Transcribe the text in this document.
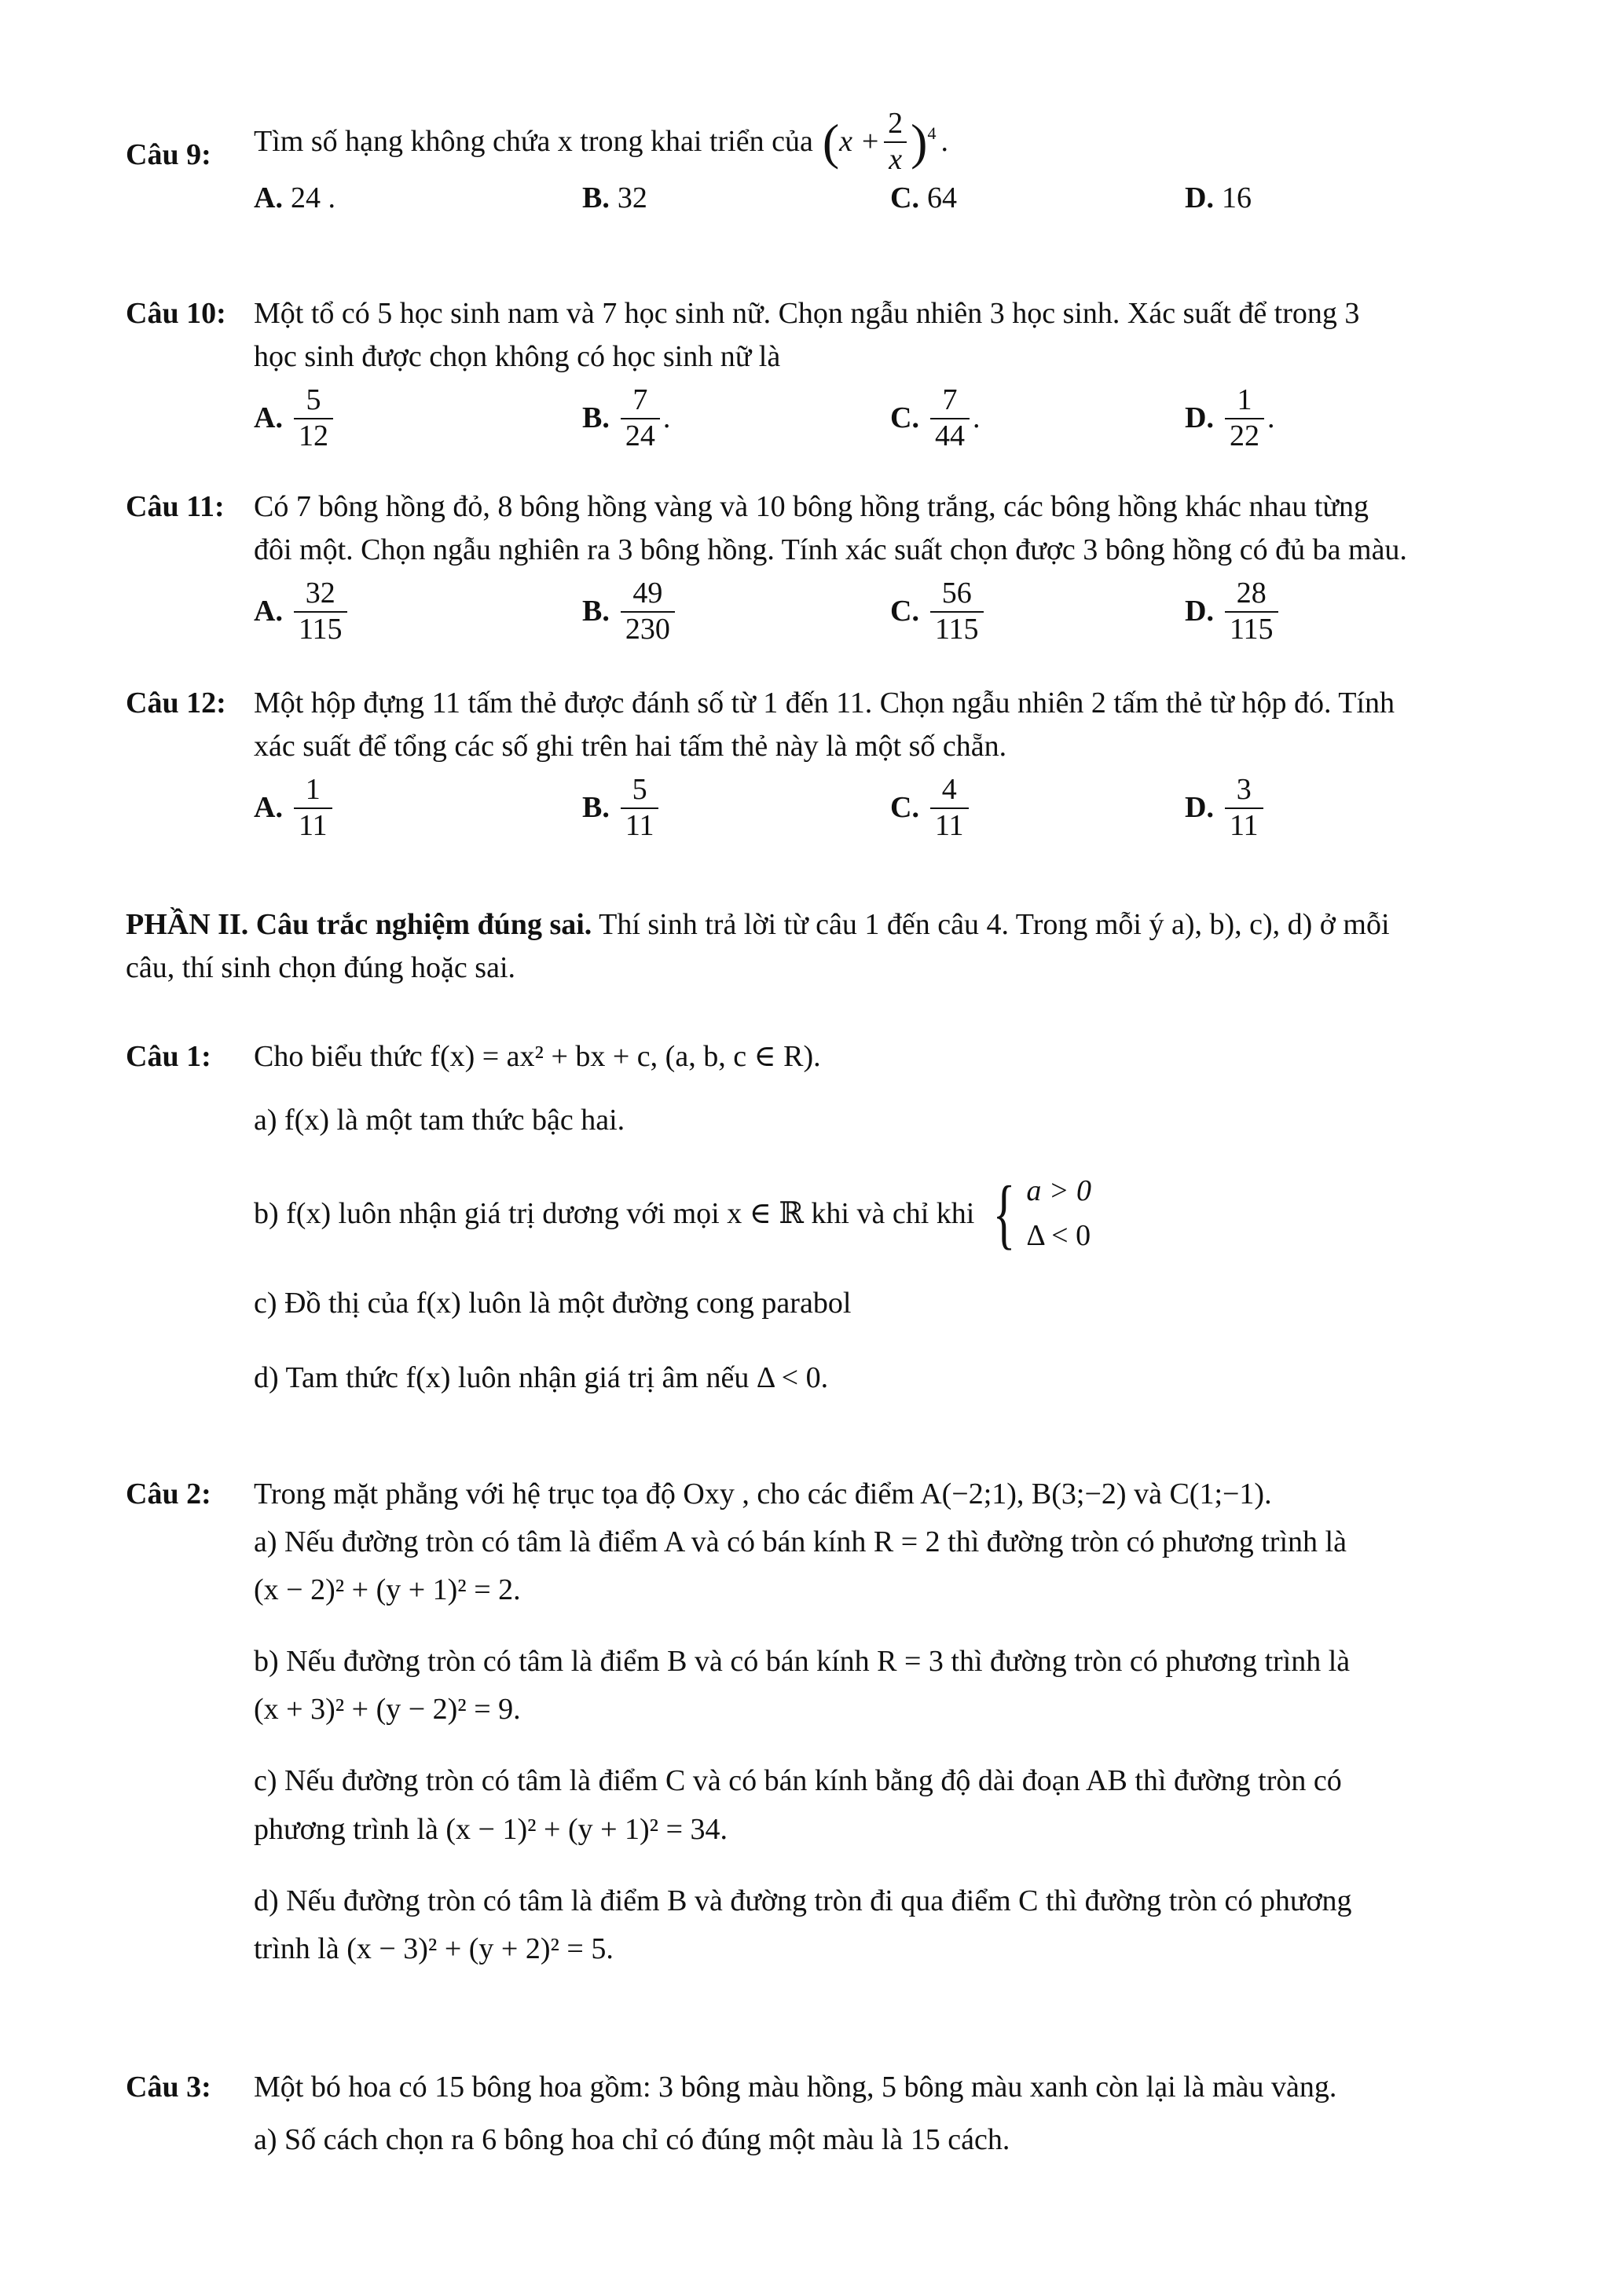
Câu 9: Tìm số hạng không chứa x trong khai triển của ( $x + \frac{2}{x}$ ) 4 .
A. 24 .	B. 32	C. 64	D. 16
Câu 10: Một tổ có 5 học sinh nam và 7 học sinh nữ. Chọn ngẫu nhiên 3 học sinh. Xác suất để trong 3
học sinh được chọn không có học sinh nữ là
A. $\frac{5}{12}$	B. $\frac{7}{24}$ .	C. $\frac{7}{44}$ .	D. $\frac{1}{22}$ .
Câu 11: Có 7 bông hồng đỏ, 8 bông hồng vàng và 10 bông hồng trắng, các bông hồng khác nhau từng
đôi một. Chọn ngẫu nghiên ra 3 bông hồng. Tính xác suất chọn được 3 bông hồng có đủ ba màu.
A. $\frac{32}{115}$	B. $\frac{49}{230}$	C. $\frac{56}{115}$	D. $\frac{28}{115}$
Câu 12: Một hộp đựng 11 tấm thẻ được đánh số từ 1 đến 11. Chọn ngẫu nhiên 2 tấm thẻ từ hộp đó. Tính
xác suất để tổng các số ghi trên hai tấm thẻ này là một số chẵn.
A. $\frac{1}{11}$	B. $\frac{5}{11}$	C. $\frac{4}{11}$	D. $\frac{3}{11}$
PHẦN II. Câu trắc nghiệm đúng sai. Thí sinh trả lời từ câu 1 đến câu 4. Trong mỗi ý a), b), c), d) ở mỗi
câu, thí sinh chọn đúng hoặc sai.
Câu 1: Cho biểu thức f(x) = ax² + bx + c, (a, b, c ∈ R).
a) f(x) là một tam thức bậc hai.
b) f(x) luôn nhận giá trị dương với mọi x ∈ ℝ khi và chỉ khi { a > 0
Δ < 0
c) Đồ thị của f(x) luôn là một đường cong parabol
d) Tam thức f(x) luôn nhận giá trị âm nếu Δ < 0.
Câu 2: Trong mặt phẳng với hệ trục tọa độ Oxy , cho các điểm A(−2;1), B(3;−2) và C(1;−1).
a) Nếu đường tròn có tâm là điểm A và có bán kính R = 2 thì đường tròn có phương trình là
(x − 2)² + (y + 1)² = 2.
b) Nếu đường tròn có tâm là điểm B và có bán kính R = 3 thì đường tròn có phương trình là
(x + 3)² + (y − 2)² = 9.
c) Nếu đường tròn có tâm là điểm C và có bán kính bằng độ dài đoạn AB thì đường tròn có
phương trình là (x − 1)² + (y + 1)² = 34.
d) Nếu đường tròn có tâm là điểm B và đường tròn đi qua điểm C thì đường tròn có phương
trình là (x − 3)² + (y + 2)² = 5.
Câu 3: Một bó hoa có 15 bông hoa gồm: 3 bông màu hồng, 5 bông màu xanh còn lại là màu vàng.
a) Số cách chọn ra 6 bông hoa chỉ có đúng một màu là 15 cách.
